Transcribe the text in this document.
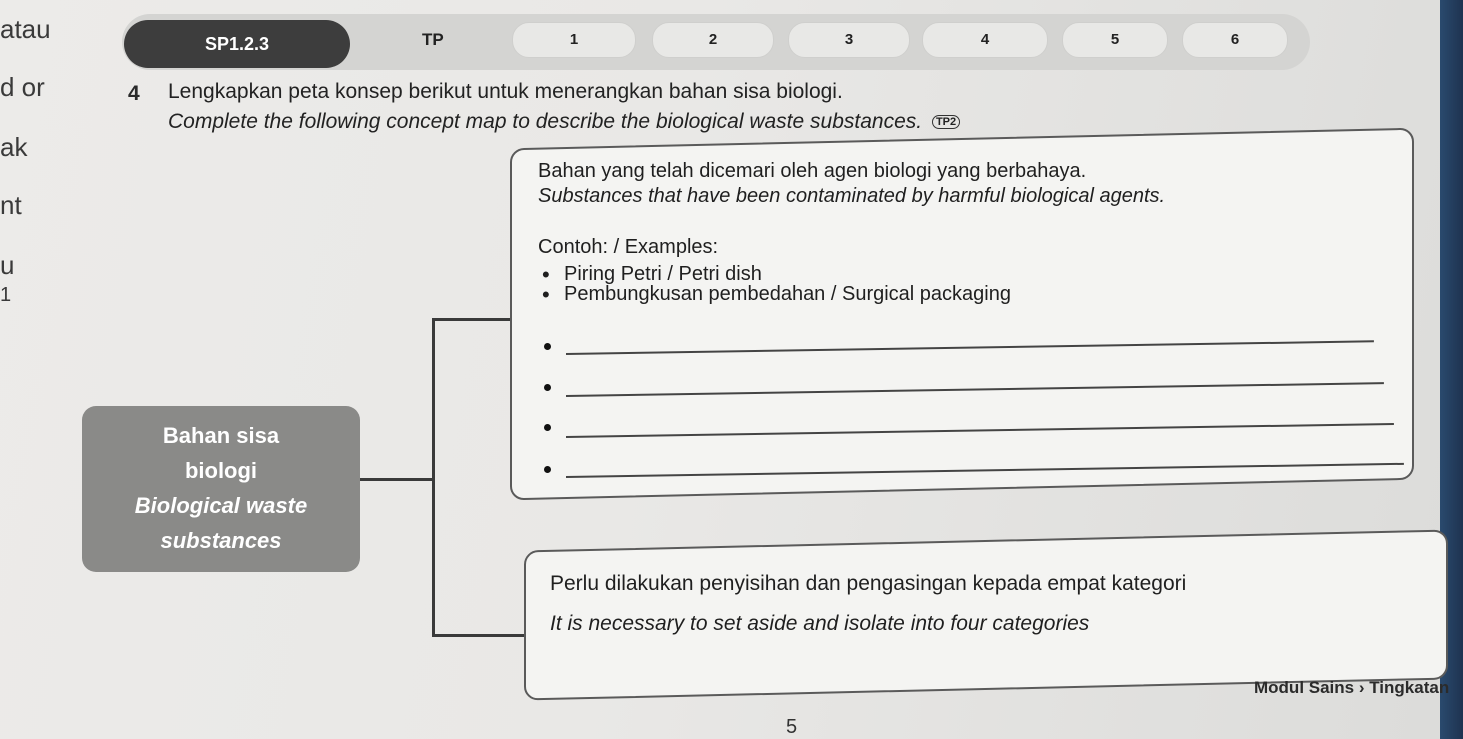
atau
d or
ak
nt
u
1
SP1.2.3	TP	1	2	3	4	5	6
4 Lengkapkan peta konsep berikut untuk menerangkan bahan sisa biologi.
Complete the following concept map to describe the biological waste substances. TP2
Bahan yang telah dicemari oleh agen biologi yang berbahaya.
Substances that have been contaminated by harmful biological agents.
Contoh: / Examples:
• Piring Petri / Petri dish
• Pembungkusan pembedahan / Surgical packaging
Bahan sisa
biologi
Biological waste
substances
Perlu dilakukan penyisihan dan pengasingan kepada empat kategori
It is necessary to set aside and isolate into four categories
Modul Sains › Tingkatan
5
